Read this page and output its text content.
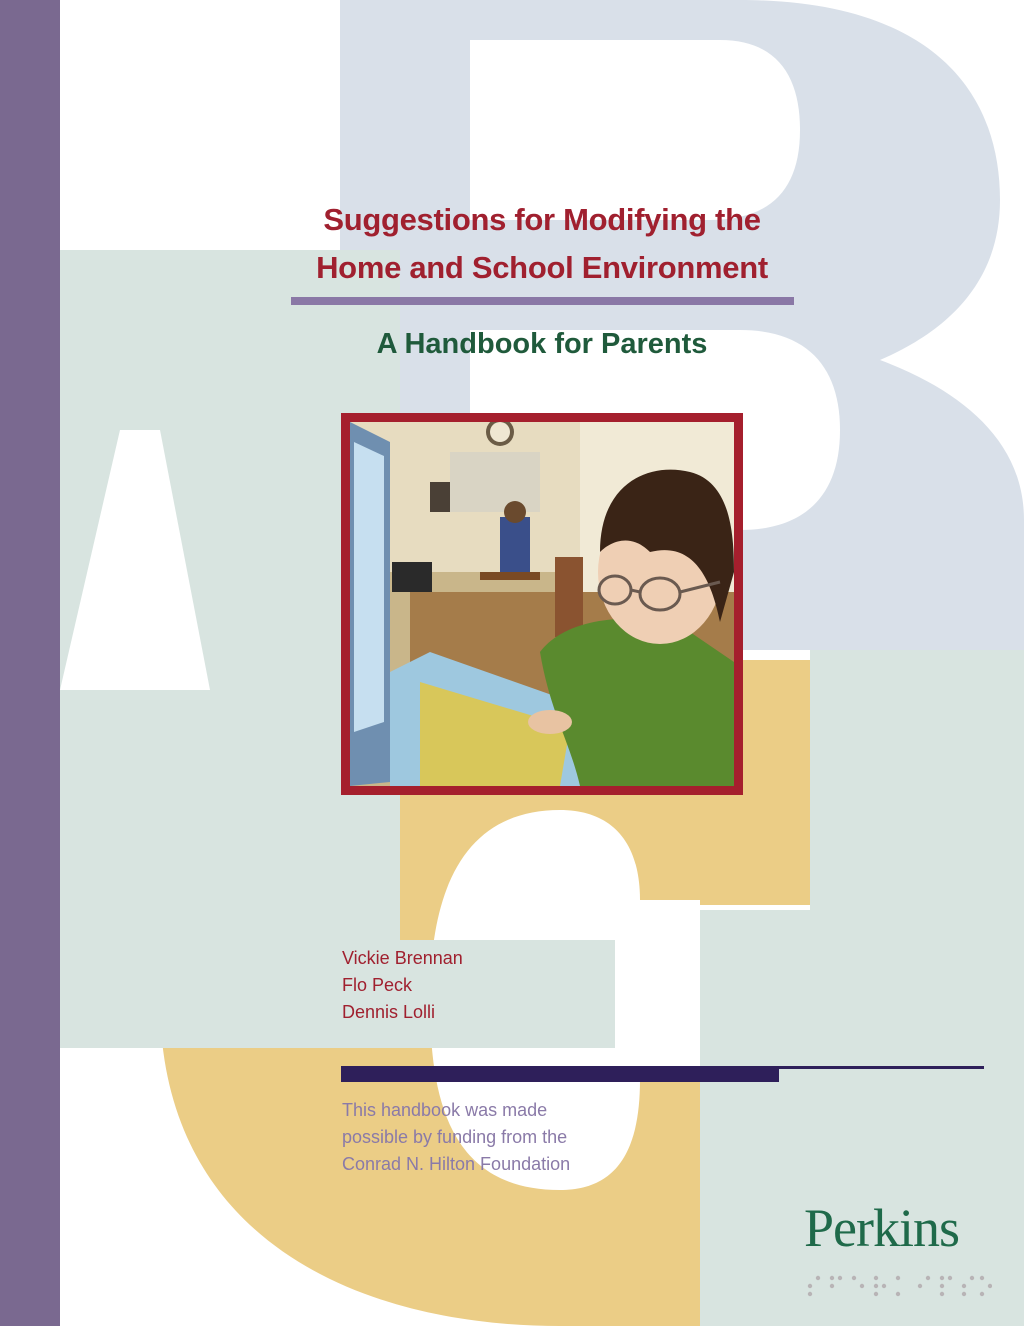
Suggestions for Modifying the
Home and School Environment
A Handbook for Parents
Vickie Brennan
Flo Peck
Dennis Lolli
This handbook was made
possible by funding from the
Conrad N. Hilton Foundation
Perkins
